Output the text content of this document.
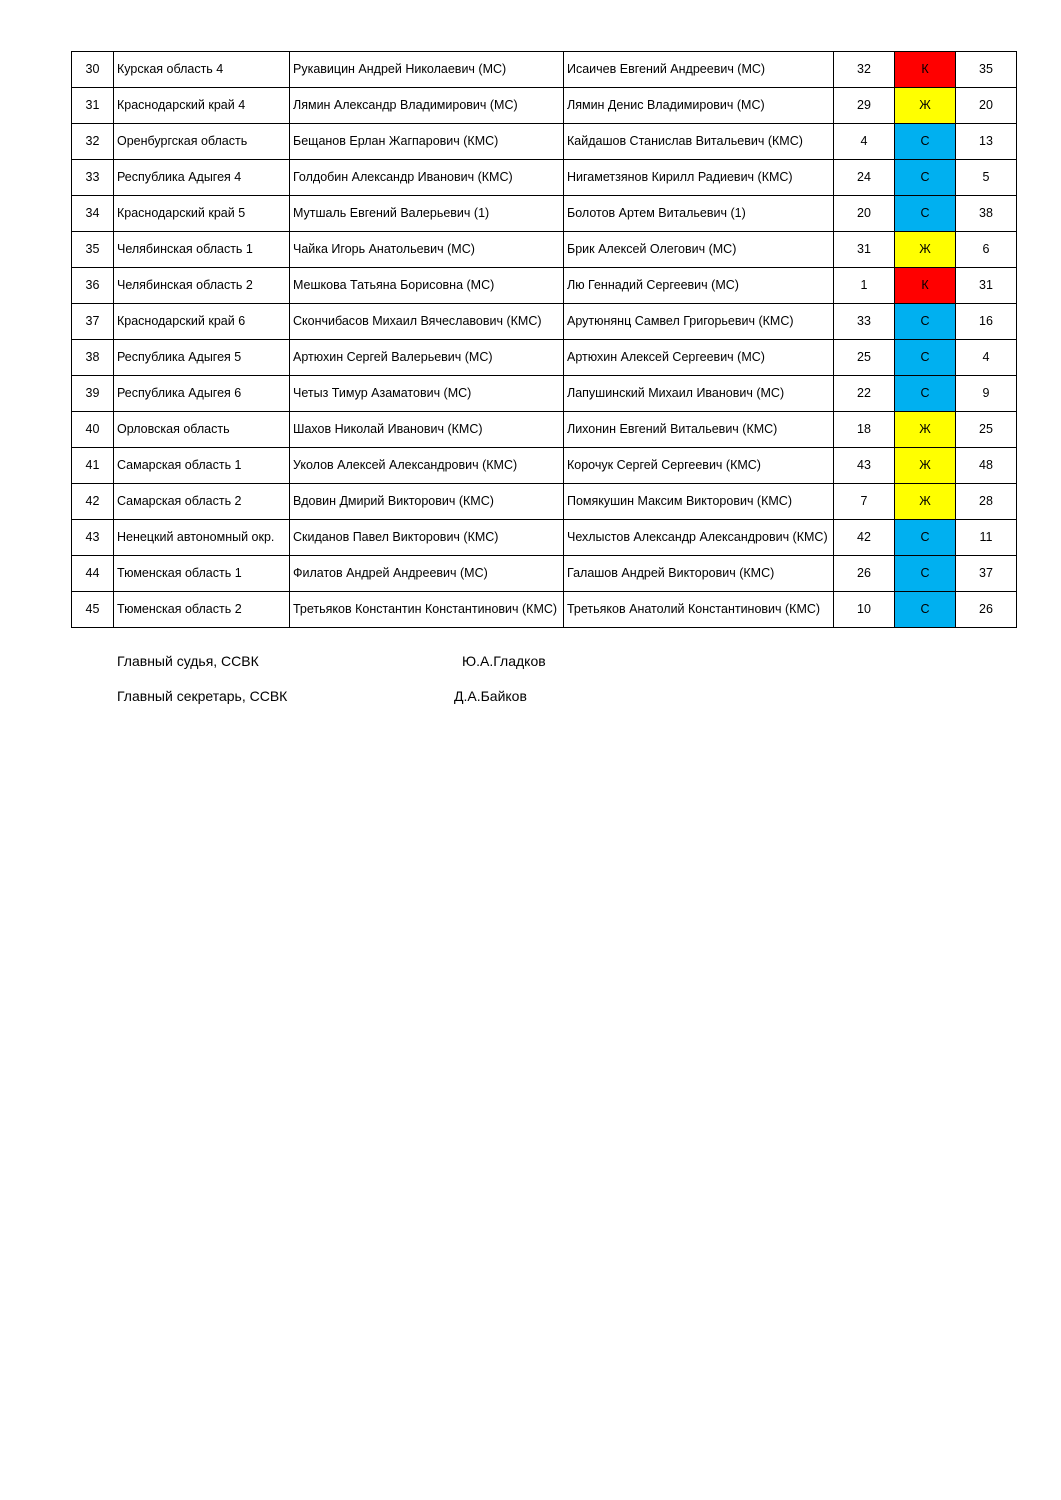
30	Курская область 4	Рукавицин Андрей Николаевич (МС)	Исаичев Евгений Андреевич (МС)	32	К	35
31	Краснодарский край 4	Лямин Александр Владимирович (МС)	Лямин Денис Владимирович (МС)	29	Ж	20
32	Оренбургская область	Бещанов Ерлан Жагпарович (КМС)	Кайдашов Станислав Витальевич (КМС)	4	С	13
33	Республика Адыгея 4	Голдобин Александр Иванович (КМС)	Нигаметзянов Кирилл Радиевич (КМС)	24	С	5
34	Краснодарский край 5	Мутшаль Евгений Валерьевич (1)	Болотов Артем Витальевич (1)	20	С	38
35	Челябинская область 1	Чайка Игорь Анатольевич (МС)	Брик Алексей Олегович (МС)	31	Ж	6
36	Челябинская область 2	Мешкова Татьяна Борисовна (МС)	Лю Геннадий Сергеевич (МС)	1	К	31
37	Краснодарский край 6	Скончибасов Михаил Вячеславович (КМС)	Арутюнянц Самвел Григорьевич (КМС)	33	С	16
38	Республика Адыгея 5	Артюхин Сергей Валерьевич (МС)	Артюхин Алексей Сергеевич (МС)	25	С	4
39	Республика Адыгея 6	Четыз Тимур Азаматович (МС)	Лапушинский Михаил Иванович (МС)	22	С	9
40	Орловская область	Шахов Николай Иванович (КМС)	Лихонин Евгений Витальевич (КМС)	18	Ж	25
41	Самарская область 1	Уколов Алексей Александрович (КМС)	Корочук Сергей Сергеевич (КМС)	43	Ж	48
42	Самарская область 2	Вдовин Дмирий Викторович (КМС)	Помякушин Максим Викторович (КМС)	7	Ж	28
43	Ненецкий автономный окр.	Скиданов Павел Викторович (КМС)	Чехлыстов Александр Александрович (КМС)	42	С	11
44	Тюменская область 1	Филатов Андрей Андреевич (МС)	Галашов Андрей Викторович (КМС)	26	С	37
45	Тюменская область 2	Третьяков Константин Константинович (КМС)	Третьяков Анатолий Константинович (КМС)	10	С	26
Главный судья, ССВК	Ю.А.Гладков
Главный секретарь, ССВК	Д.А.Байков
